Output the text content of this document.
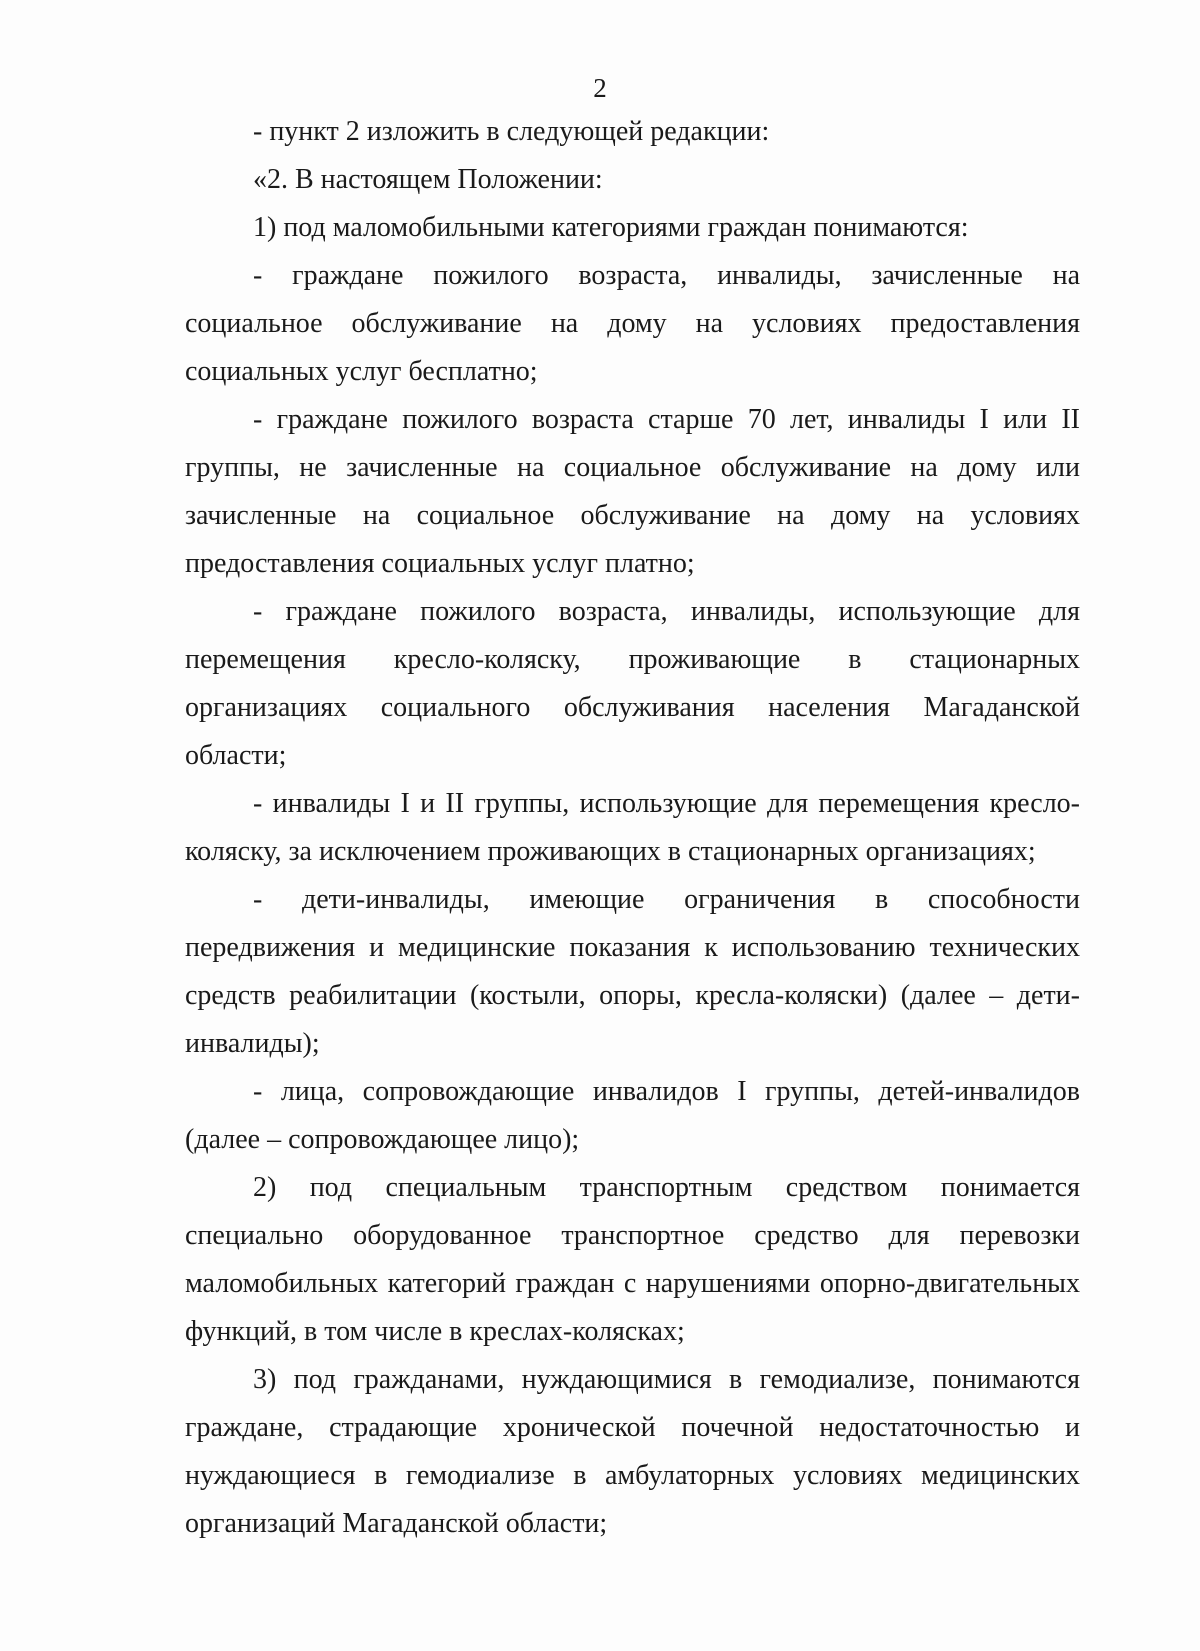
2

- пункт 2 изложить в следующей редакции:

«2. В настоящем Положении:

1) под маломобильными категориями граждан понимаются:

- граждане пожилого возраста, инвалиды, зачисленные на социальное обслуживание на дому на условиях предоставления социальных услуг бесплатно;

- граждане пожилого возраста старше 70 лет, инвалиды I или II группы, не зачисленные на социальное обслуживание на дому или зачисленные на социальное обслуживание на дому на условиях предоставления социальных услуг платно;

- граждане пожилого возраста, инвалиды, использующие для перемещения кресло-коляску, проживающие в стационарных организациях социального обслуживания населения Магаданской области;

- инвалиды I и II группы, использующие для перемещения кресло-коляску, за исключением проживающих в стационарных организациях;

- дети-инвалиды, имеющие ограничения в способности передвижения и медицинские показания к использованию технических средств реабилитации (костыли, опоры, кресла-коляски) (далее – дети-инвалиды);

- лица, сопровождающие инвалидов I группы, детей-инвалидов (далее – сопровождающее лицо);

2) под специальным транспортным средством понимается специально оборудованное транспортное средство для перевозки маломобильных категорий граждан с нарушениями опорно-двигательных функций, в том числе в креслах-колясках;

3) под гражданами, нуждающимися в гемодиализе, понимаются граждане, страдающие хронической почечной недостаточностью и нуждающиеся в гемодиализе в амбулаторных условиях медицинских организаций Магаданской области;
